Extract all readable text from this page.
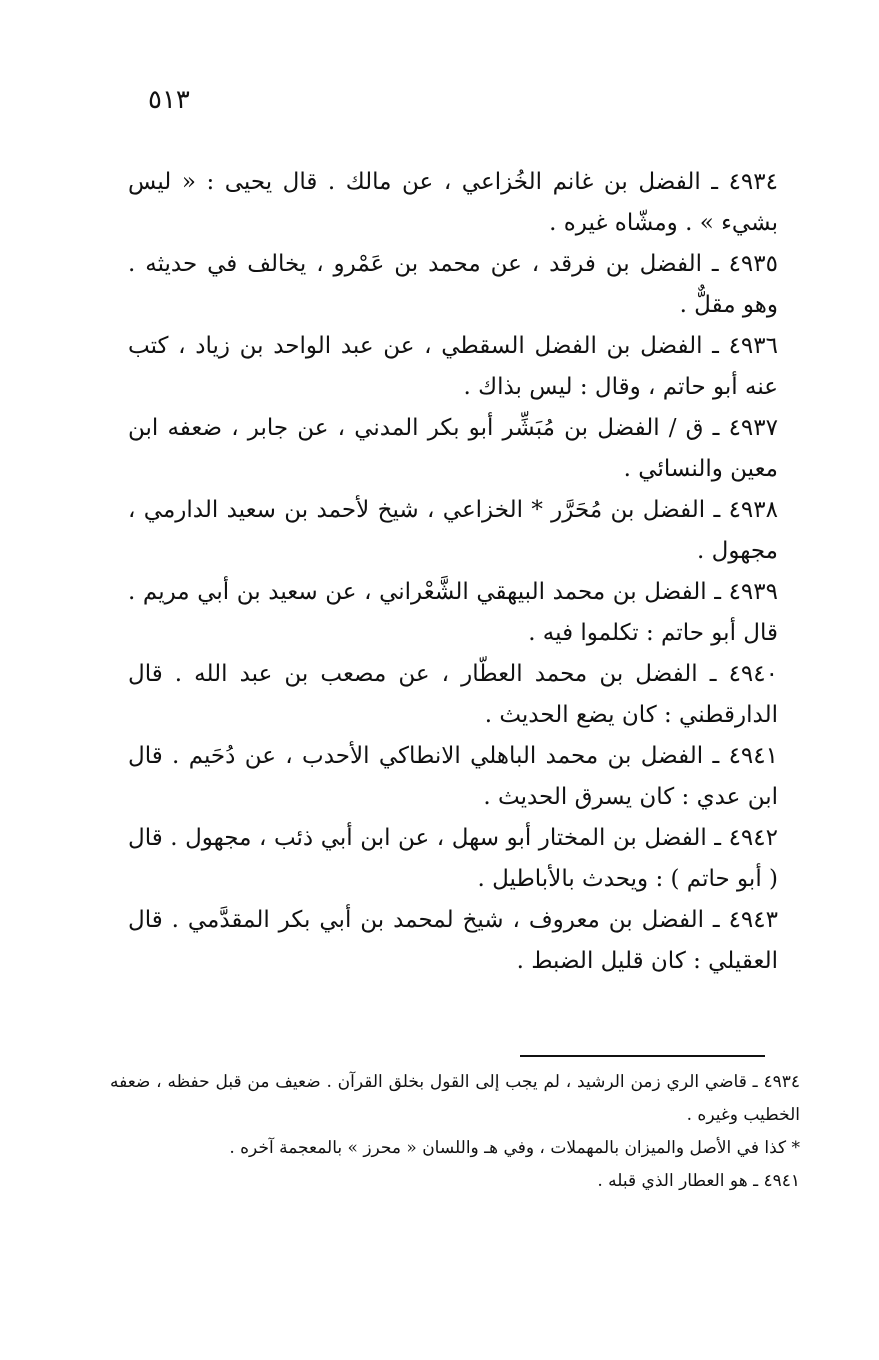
٥١٣

٤٩٣٤ ـ الفضل بن غانم الخُزاعي ، عن مالك . قال يحيى : « ليس بشيء » . ومشّاه غيره .

٤٩٣٥ ـ الفضل بن فرقد ، عن محمد بن عَمْرو ، يخالف في حديثه . وهو مقلٌّ .

٤٩٣٦ ـ الفضل بن الفضل السقطي ، عن عبد الواحد بن زياد ، كتب عنه أبو حاتم ، وقال : ليس بذاك .

٤٩٣٧ ـ ق / الفضل بن مُبَشِّر أبو بكر المدني ، عن جابر ، ضعفه ابن معين والنسائي .

٤٩٣٨ ـ الفضل بن مُحَرَّر * الخزاعي ، شيخ لأحمد بن سعيد الدارمي ، مجهول .

٤٩٣٩ ـ الفضل بن محمد البيهقي الشَّعْراني ، عن سعيد بن أبي مريم . قال أبو حاتم : تكلموا فيه .

٤٩٤٠ ـ الفضل بن محمد العطّار ، عن مصعب بن عبد الله . قال الدارقطني : كان يضع الحديث .

٤٩٤١ ـ الفضل بن محمد الباهلي الانطاكي الأحدب ، عن دُحَيم . قال ابن عدي : كان يسرق الحديث .

٤٩٤٢ ـ الفضل بن المختار أبو سهل ، عن ابن أبي ذئب ، مجهول . قال ( أبو حاتم ) : ويحدث بالأباطيل .

٤٩٤٣ ـ الفضل بن معروف ، شيخ لمحمد بن أبي بكر المقدَّمي . قال العقيلي : كان قليل الضبط .

٤٩٣٤ ـ قاضي الري زمن الرشيد ، لم يجب إلى القول بخلق القرآن . ضعيف من قبل حفظه ، ضعفه الخطيب وغيره .

* كذا في الأصل والميزان بالمهملات ، وفي هـ واللسان « محرز » بالمعجمة آخره .

٤٩٤١ ـ هو العطار الذي قبله .
